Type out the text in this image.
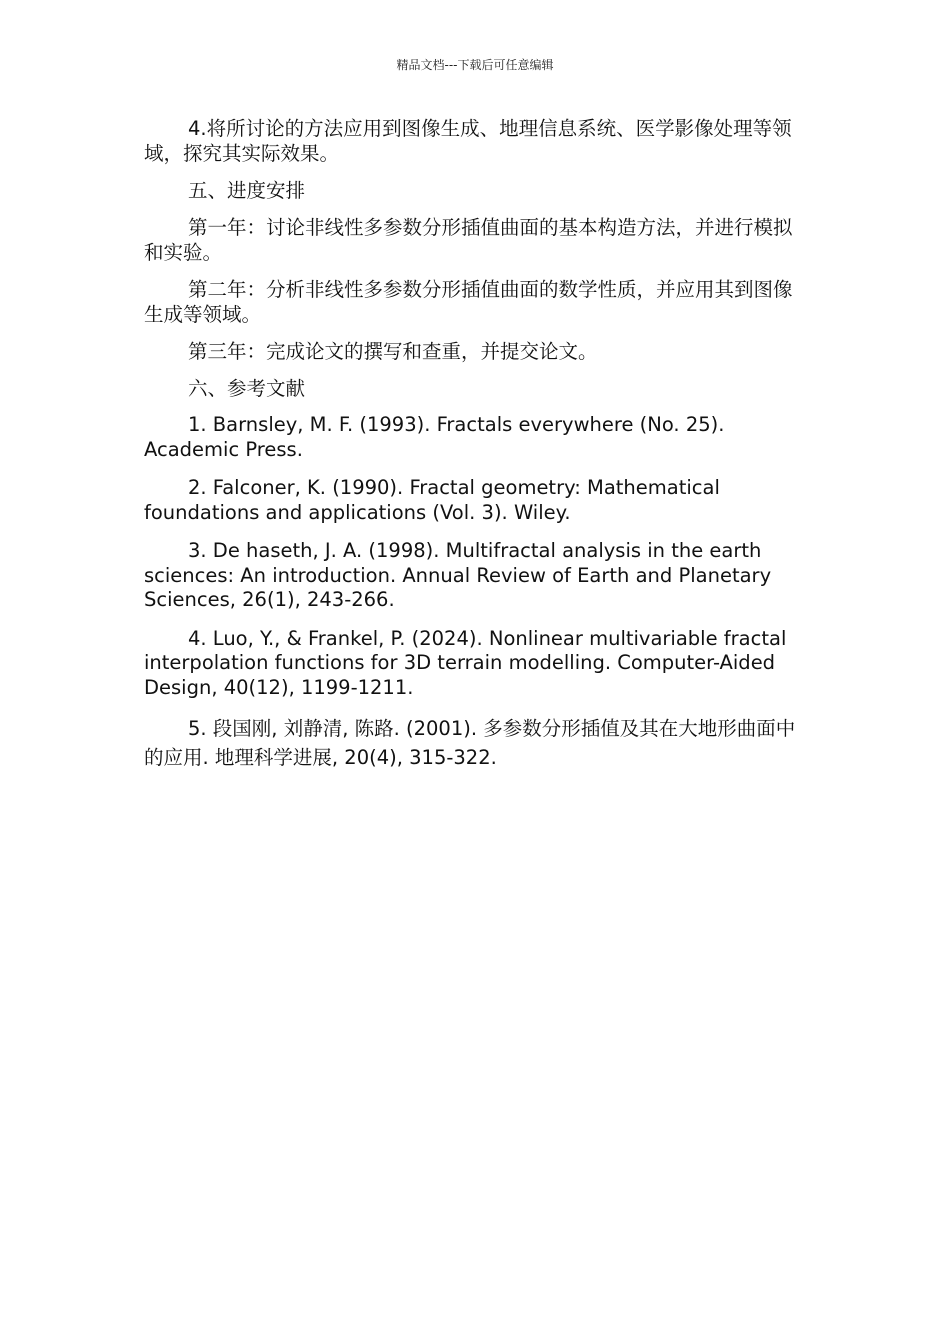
精品文档---下载后可任意编辑

4.将所讨论的方法应用到图像生成、地理信息系统、医学影像处理等领域，探究其实际效果。

五、进度安排

第一年：讨论非线性多参数分形插值曲面的基本构造方法，并进行模拟和实验。

第二年：分析非线性多参数分形插值曲面的数学性质，并应用其到图像生成等领域。

第三年：完成论文的撰写和查重，并提交论文。

六、参考文献

1. Barnsley, M. F. (1993). Fractals everywhere (No. 25). Academic Press.

2. Falconer, K. (1990). Fractal geometry: Mathematical foundations and applications (Vol. 3). Wiley.

3. De haseth, J. A. (1998). Multifractal analysis in the earth sciences: An introduction. Annual Review of Earth and Planetary Sciences, 26(1), 243-266.

4. Luo, Y., & Frankel, P. (2024). Nonlinear multivariable fractal interpolation functions for 3D terrain modelling. Computer-Aided Design, 40(12), 1199-1211.

5. 段国刚, 刘静清, 陈路. (2001). 多参数分形插值及其在大地形曲面中的应用. 地理科学进展, 20(4), 315-322.
